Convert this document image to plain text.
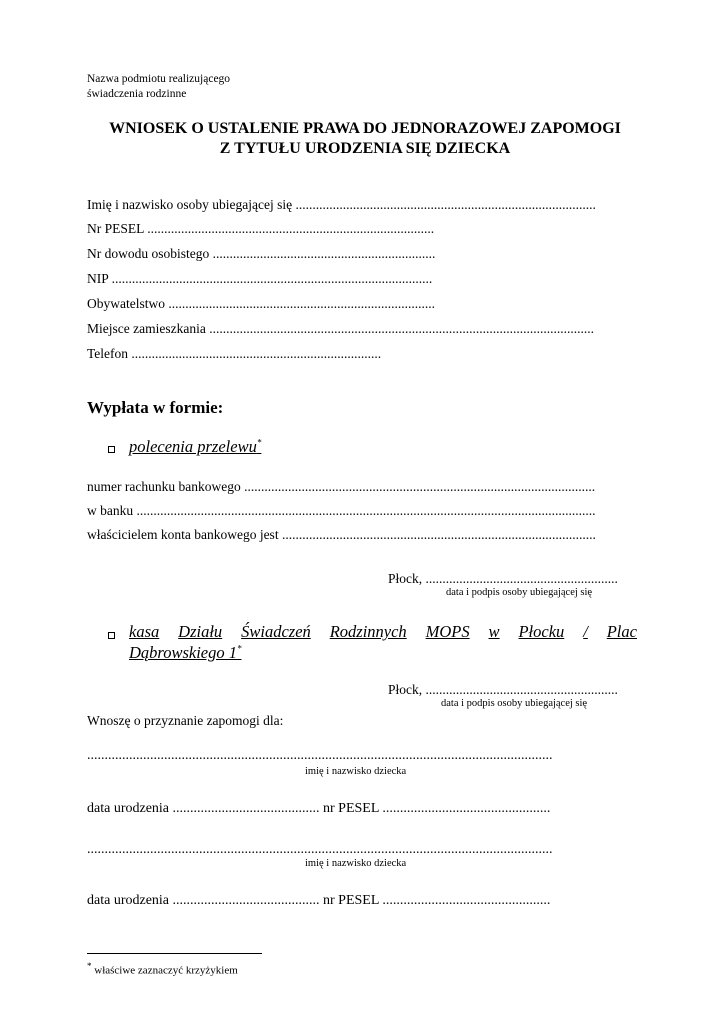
Nazwa podmiotu realizującego
świadczenia rodzinne
WNIOSEK O USTALENIE PRAWA DO JEDNORAZOWEJ ZAPOMOGI
Z TYTUŁU URODZENIA SIĘ DZIECKA
Imię i nazwisko osoby ubiegającej się .........................................................................................
Nr PESEL .....................................................................................
Nr dowodu osobistego ..................................................................
NIP ...............................................................................................
Obywatelstwo ...............................................................................
Miejsce zamieszkania ..................................................................................................................
Telefon ..........................................................................
Wypłata w formie:
polecenia przelewu*
numer rachunku bankowego ........................................................................................................
w banku ........................................................................................................................................
właścicielem konta bankowego jest .............................................................................................
Płock, .........................................................
data i podpis osoby ubiegającej się
kasa Działu Świadczeń Rodzinnych MOPS w Płocku / Plac
Dąbrowskiego 1*
Płock, .........................................................
data i podpis osoby ubiegającej się
Wnoszę o przyznanie zapomogi dla:
.....................................................................................................................................
imię i nazwisko dziecka
data urodzenia .......................................... nr PESEL ................................................
.....................................................................................................................................
imię i nazwisko dziecka
data urodzenia .......................................... nr PESEL ................................................
* właściwe zaznaczyć krzyżykiem
